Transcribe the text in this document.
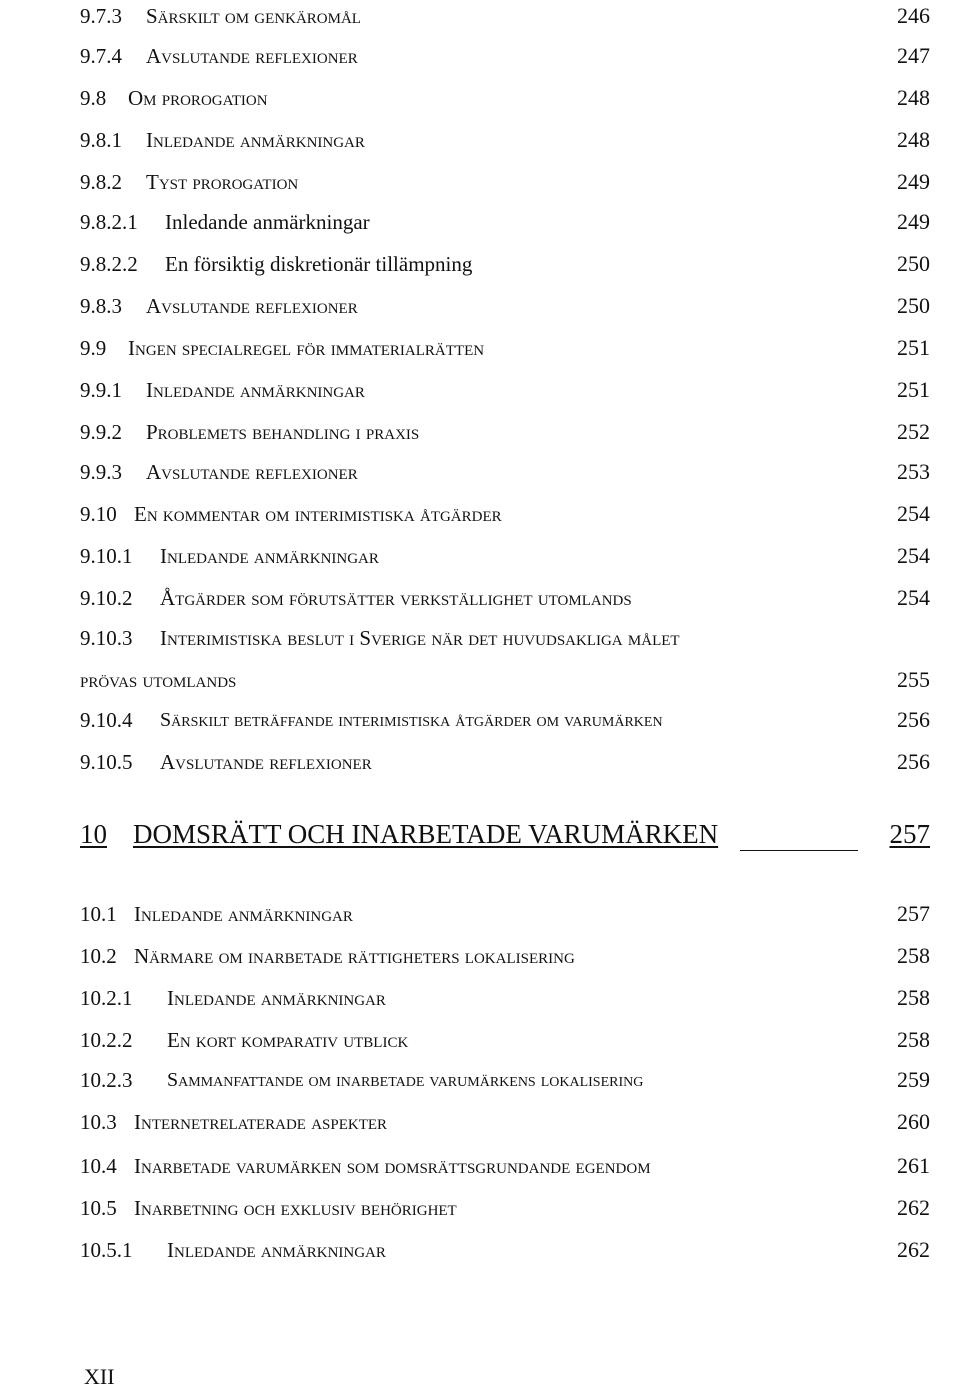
9.7.3 Särskilt om genkäromål	246
9.7.4 Avslutande reflexioner	247
9.8 Om prorogation	248
9.8.1 Inledande anmärkningar	248
9.8.2 Tyst prorogation	249
9.8.2.1 Inledande anmärkningar	249
9.8.2.2 En försiktig diskretionär tillämpning	250
9.8.3 Avslutande reflexioner	250
9.9 Ingen specialregel för immaterialrätten	251
9.9.1 Inledande anmärkningar	251
9.9.2 Problemets behandling i praxis	252
9.9.3 Avslutande reflexioner	253
9.10 En kommentar om interimistiska åtgärder	254
9.10.1 Inledande anmärkningar	254
9.10.2 Åtgärder som förutsätter verkställighet utomlands	254
9.10.3 Interimistiska beslut i Sverige när det huvudsakliga målet
prövas utomlands	255
9.10.4 Särskilt beträffande interimistiska åtgärder om varumärken	256
9.10.5 Avslutande reflexioner	256
10 DOMSRÄTT OCH INARBETADE VARUMÄRKEN	257
10.1 Inledande anmärkningar	257
10.2 Närmare om inarbetade rättigheters lokalisering	258
10.2.1 Inledande anmärkningar	258
10.2.2 En kort komparativ utblick	258
10.2.3 Sammanfattande om inarbetade varumärkens lokalisering	259
10.3 Internetrelaterade aspekter	260
10.4 Inarbetade varumärken som domsrättsgrundande egendom	261
10.5 Inarbetning och exklusiv behörighet	262
10.5.1 Inledande anmärkningar	262
XII
